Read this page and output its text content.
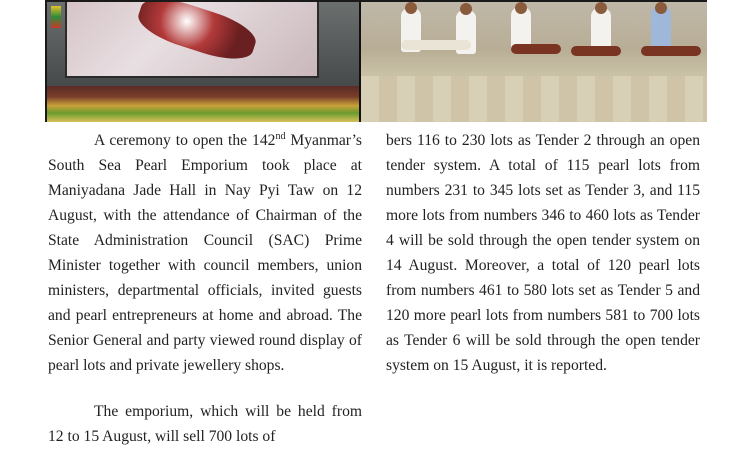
A ceremony to open the 142nd Myanmar’s South Sea Pearl Emporium took place at Maniyadana Jade Hall in Nay Pyi Taw on 12 August, with the attendance of Chairman of the State Administration Council (SAC) Prime Minister together with council members, union ministers, departmental officials, invited guests and pearl entrepreneurs at home and abroad. The Senior General and party viewed round display of pearl lots and private jewellery shops.

The emporium, which will be held from 12 to 15 August, will sell 700 lots of

bers 116 to 230 lots as Tender 2 through an open tender system. A total of 115 pearl lots from numbers 231 to 345 lots set as Tender 3, and 115 more lots from numbers 346 to 460 lots as Tender 4 will be sold through the open tender system on 14 August. Moreover, a total of 120 pearl lots from numbers 461 to 580 lots set as Tender 5 and 120 more pearl lots from numbers 581 to 700 lots as Tender 6 will be sold through the open tender system on 15 August, it is reported.
